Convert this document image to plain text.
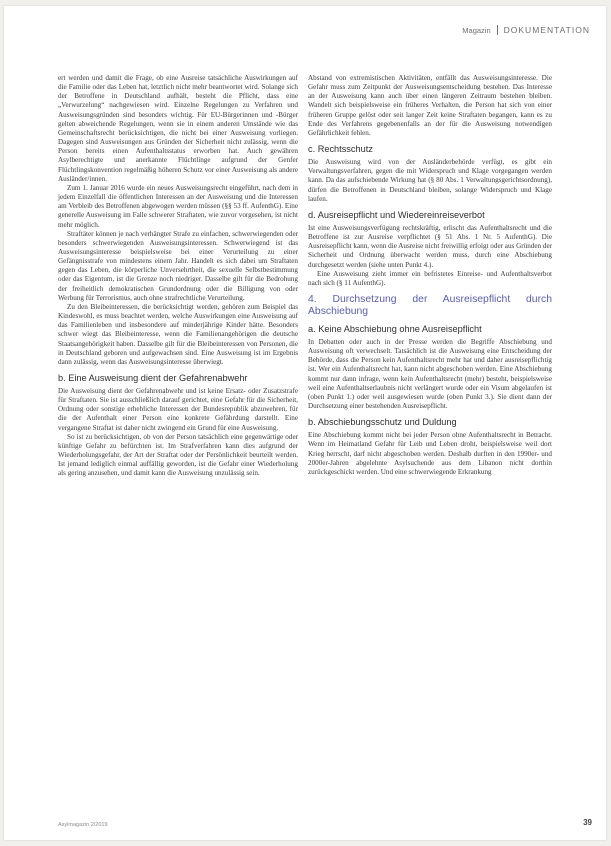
Magazin DOKUMENTATION

ert werden und damit die Frage, ob eine Ausreise tatsächliche Auswirkungen auf die Familie oder das Leben hat, letztlich nicht mehr beantwortet wird. Solange sich der Betroffene in Deutschland aufhält, besteht die Pflicht, dass eine „Verwurzelung“ nachgewiesen wird. Einzelne Regelungen zu Verfahren und Ausweisungsgründen sind besonders wichtig. Für EU-Bürgerinnen und -Bürger gelten abweichende Regelungen, wenn sie in einem anderen Umstände wie das Gemeinschaftsrecht berücksichtigen, die nicht bei einer Ausweisung vorliegen. Dagegen sind Ausweisungen aus Gründen der Sicherheit nicht zulässig, wenn die Person bereits einen Aufenthaltsstatus erworben hat. Auch gewähren Asylberechtigte und anerkannte Flüchtlinge aufgrund der Genfer Flüchtlingskonvention regelmäßig höheren Schutz vor einer Ausweisung als andere Ausländer/innen.

Zum 1. Januar 2016 wurde ein neues Ausweisungsrecht eingeführt, nach dem in jedem Einzelfall die öffentlichen Interessen an der Ausweisung und die Interessen am Verbleib des Betroffenen abgewogen werden müssen (§§ 53 ff. AufenthG). Eine generelle Ausweisung im Falle schwerer Straftaten, wie zuvor vorgesehen, ist nicht mehr möglich.

Straftäter können je nach verhängter Strafe zu einfachen, schwerwiegenden oder besonders schwerwiegenden Ausweisungsinteressen. Schwerwiegend ist das Ausweisungsinteresse beispielsweise bei einer Verurteilung zu einer Gefängnisstrafe von mindestens einem Jahr. Handelt es sich dabei um Straftaten gegen das Leben, die körperliche Unversehrtheit, die sexuelle Selbstbestimmung oder das Eigentum, ist die Grenze noch niedriger. Dasselbe gilt für die Bedrohung der freiheitlich demokratischen Grundordnung oder die Billigung von oder Werbung für Terrorismus, auch ohne strafrechtliche Verurteilung.

Zu den Bleibeinteressen, die berücksichtigt werden, gehören zum Beispiel das Kindeswohl, es muss beachtet werden, welche Auswirkungen eine Ausweisung auf das Familienleben und insbesondere auf minderjährige Kinder hätte. Besonders schwer wiegt das Bleibeinteresse, wenn die Familienangehörigen die deutsche Staatsangehörigkeit haben. Dasselbe gilt für die Bleibeinteressen von Personen, die in Deutschland geboren und aufgewachsen sind. Eine Ausweisung ist im Ergebnis dann zulässig, wenn das Ausweisungsinteresse überwiegt.

b. Eine Ausweisung dient der Gefahrenabwehr

Die Ausweisung dient der Gefahrenabwehr und ist keine Ersatz- oder Zusatzstrafe für Straftaten. Sie ist ausschließlich darauf gerichtet, eine Gefahr für die Sicherheit, Ordnung oder sonstige erhebliche Interessen der Bundesrepublik abzuwehren, für die der Aufenthalt einer Person eine konkrete Gefährdung darstellt. Eine vergangene Straftat ist daher nicht zwingend ein Grund für eine Ausweisung.

So ist zu berücksichtigen, ob von der Person tatsächlich eine gegenwärtige oder künftige Gefahr zu befürchten ist. Im Strafverfahren kann dies aufgrund der Wiederholungsgefahr, der Art der Straftat oder der Persönlichkeit beurteilt werden. Ist jemand lediglich einmal auffällig geworden, ist die Gefahr einer Wiederholung als gering anzusehen, und damit kann die Ausweisung unzulässig sein.

Abstand von extremistischen Aktivitäten, entfällt das Ausweisungsinteresse. Die Gefahr muss zum Zeitpunkt der Ausweisungsentscheidung bestehen. Das Interesse an der Ausweisung kann auch über einen längeren Zeitraum bestehen bleiben. Wandelt sich beispielsweise ein früheres Verhalten, die Person hat sich von einer früheren Gruppe gelöst oder seit langer Zeit keine Straftaten begangen, kann es zu Ende des Verfahrens gegebenenfalls an der für die Ausweisung notwendigen Gefährlichkeit fehlen.

c. Rechtsschutz

Die Ausweisung wird von der Ausländerbehörde verfügt, es gibt ein Verwaltungsverfahren, gegen die mit Widerspruch und Klage vorgegangen werden kann. Da das aufschiebende Wirkung hat (§ 80 Abs. 1 Verwaltungsgerichtsordnung), dürfen die Betroffenen in Deutschland bleiben, solange Widerspruch und Klage laufen.

d. Ausreisepflicht und Wiedereinreiseverbot

Ist eine Ausweisungsverfügung rechtskräftig, erlischt das Aufenthaltsrecht und die Betroffene ist zur Ausreise verpflichtet (§ 51 Abs. 1 Nr. 5 AufenthG). Die Ausreisepflicht kann, wenn die Ausreise nicht freiwillig erfolgt oder aus Gründen der Sicherheit und Ordnung überwacht werden muss, durch eine Abschiebung durchgesetzt werden (siehe unten Punkt 4.).

Eine Ausweisung zieht immer ein befristetes Einreise- und Aufenthaltsverbot nach sich (§ 11 AufenthG).

4. Durchsetzung der Ausreisepflicht durch Abschiebung
a. Keine Abschiebung ohne Ausreisepflicht

In Debatten oder auch in der Presse werden die Begriffe Abschiebung und Ausweisung oft verwechselt. Tatsächlich ist die Ausweisung eine Entscheidung der Behörde, dass die Person kein Aufenthaltsrecht mehr hat und daher ausreisepflichtig ist. Wer ein Aufenthaltsrecht hat, kann nicht abgeschoben werden. Eine Abschiebung kommt nur dann infrage, wenn kein Aufenthaltsrecht (mehr) besteht, beispielsweise weil eine Aufenthaltserlaubnis nicht verlängert wurde oder ein Visum abgelaufen ist (oben Punkt 1.) oder weil ausgewiesen wurde (oben Punkt 3.). Sie dient dann der Durchsetzung einer bestehenden Ausreisepflicht.

b. Abschiebungsschutz und Duldung

Eine Abschiebung kommt nicht bei jeder Person ohne Aufenthaltsrecht in Betracht. Wenn im Heimatland Gefahr für Leib und Leben droht, beispielsweise weil dort Krieg herrscht, darf nicht abgeschoben werden. Deshalb durften in den 1990er- und 2000er-Jahren abgelehnte Asylsuchende aus dem Libanon nicht dorthin zurückgeschickt werden. Und eine schwerwiegende Erkrankung

Asylmagazin 2/2019	39
